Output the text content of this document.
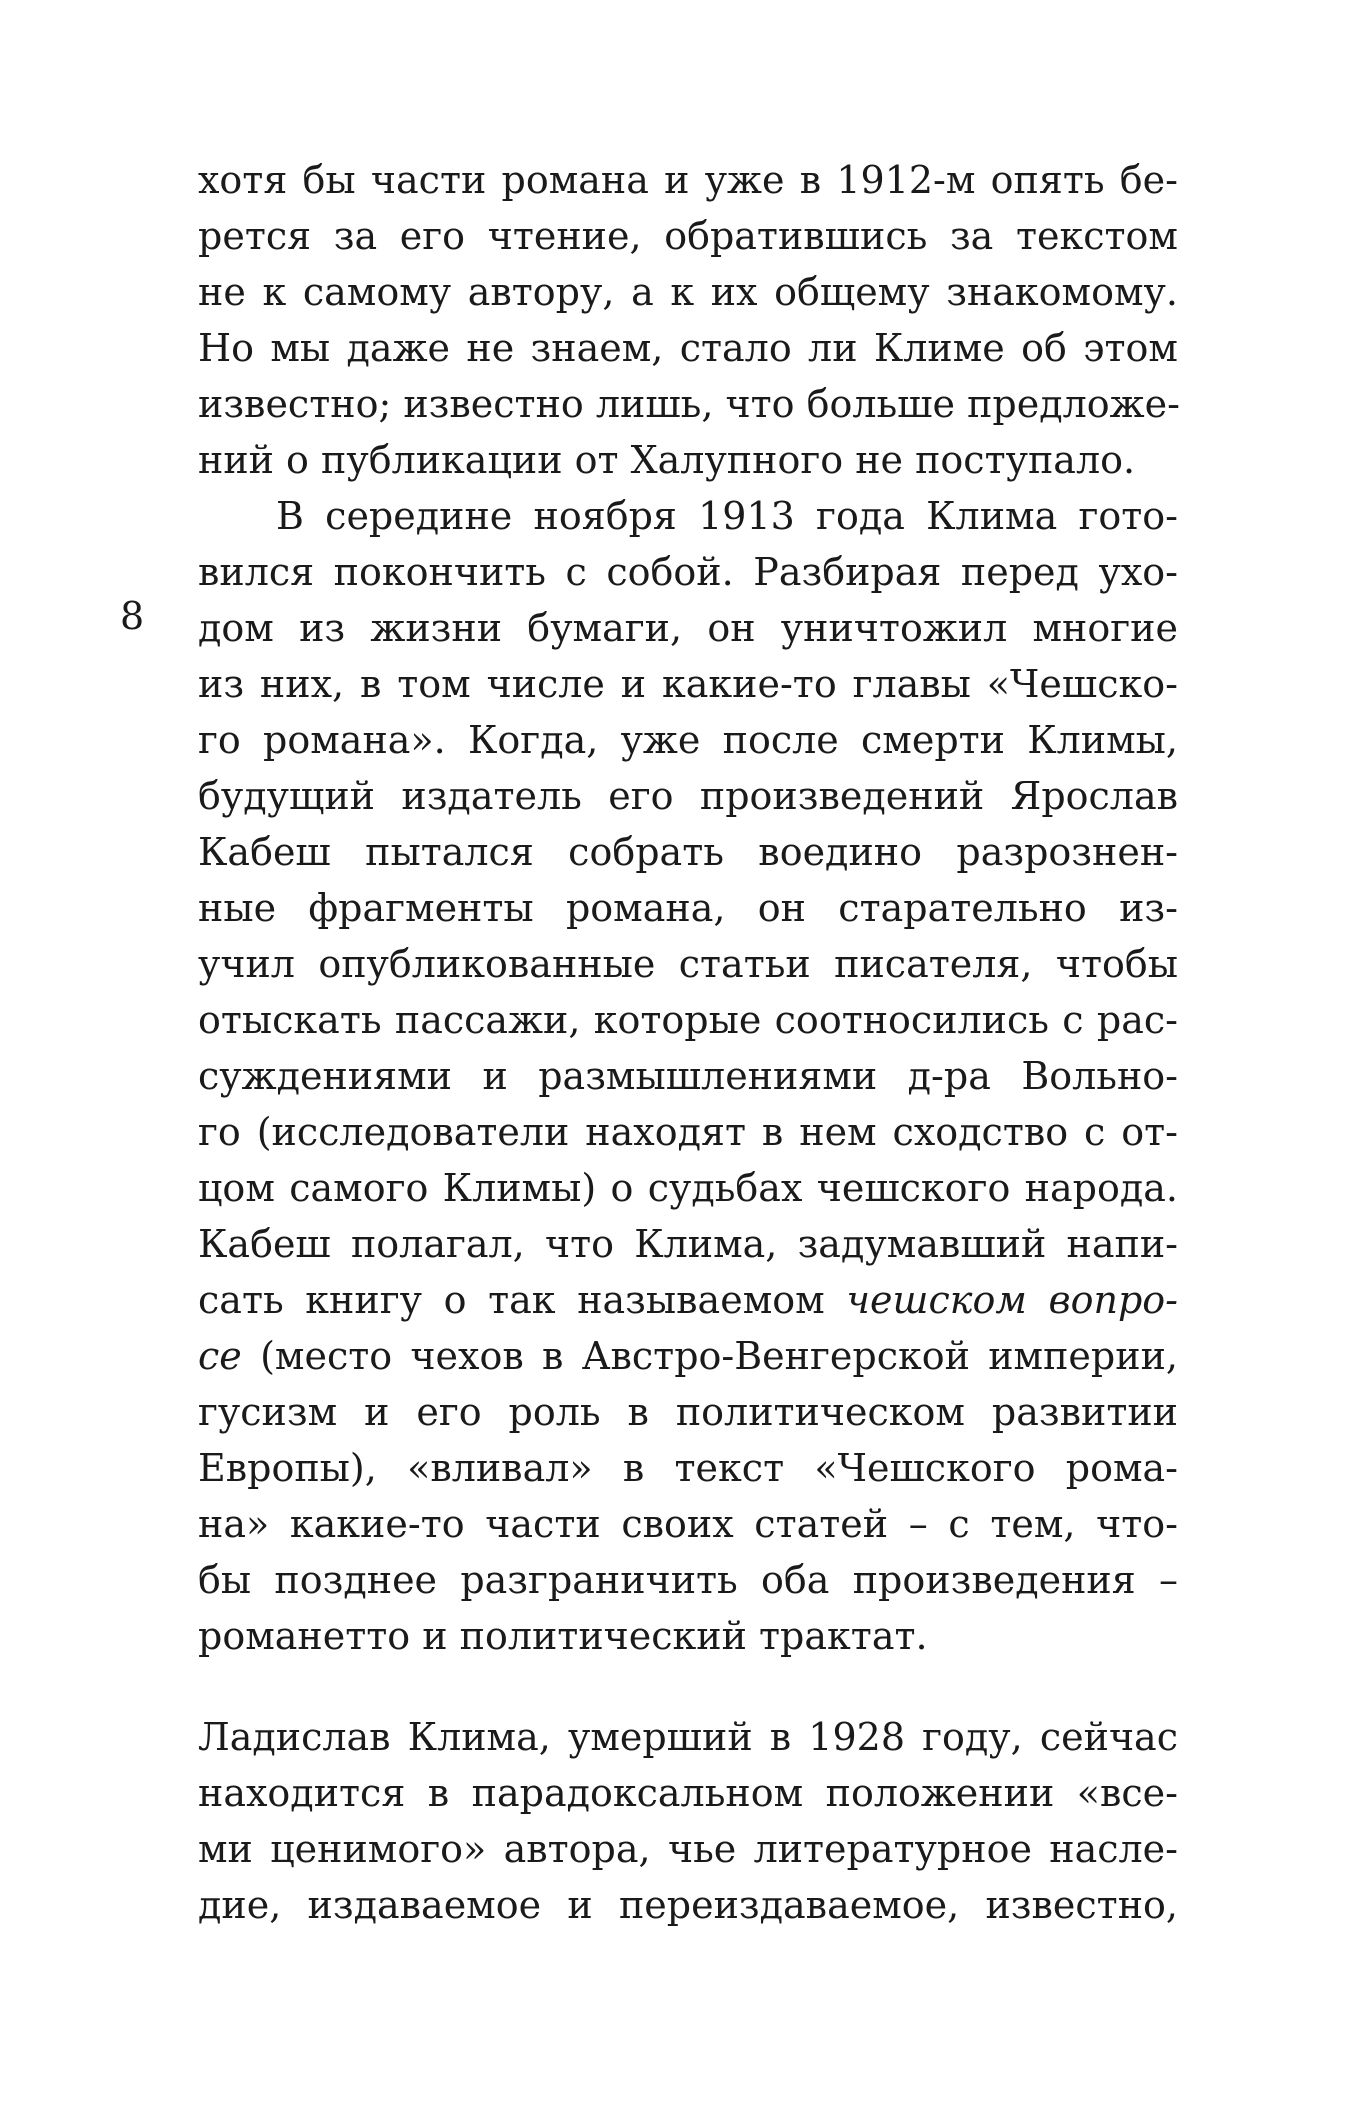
8
хотя бы части романа и уже в 1912-м опять бе-
рется за его чтение, обратившись за текстом
не к самому автору, а к их общему знакомому.
Но мы даже не знаем, стало ли Климе об этом
известно; известно лишь, что больше предложе-
ний о публикации от Халупного не поступало.
В середине ноября 1913 года Клима гото-
вился покончить с собой. Разбирая перед ухо-
дом из жизни бумаги, он уничтожил многие
из них, в том числе и какие-то главы «Чешско-
го романа». Когда, уже после смерти Климы,
будущий издатель его произведений Ярослав
Кабеш пытался собрать воедино разрознен-
ные фрагменты романа, он старательно из-
учил опубликованные статьи писателя, чтобы
отыскать пассажи, которые соотносились с рас-
суждениями и размышлениями д-ра Вольно-
го (исследователи находят в нем сходство с от-
цом самого Климы) о судьбах чешского народа.
Кабеш полагал, что Клима, задумавший напи-
сать книгу о так называемом чешском вопро-
се (место чехов в Австро-Венгерской империи,
гусизм и его роль в политическом развитии
Европы), «вливал» в текст «Чешского рома-
на» какие-то части своих статей – с тем, что-
бы позднее разграничить оба произведения –
романетто и политический трактат.
Ладислав Клима, умерший в 1928 году, сейчас
находится в парадоксальном положении «все-
ми ценимого» автора, чье литературное насле-
дие, издаваемое и переиздаваемое, известно,
